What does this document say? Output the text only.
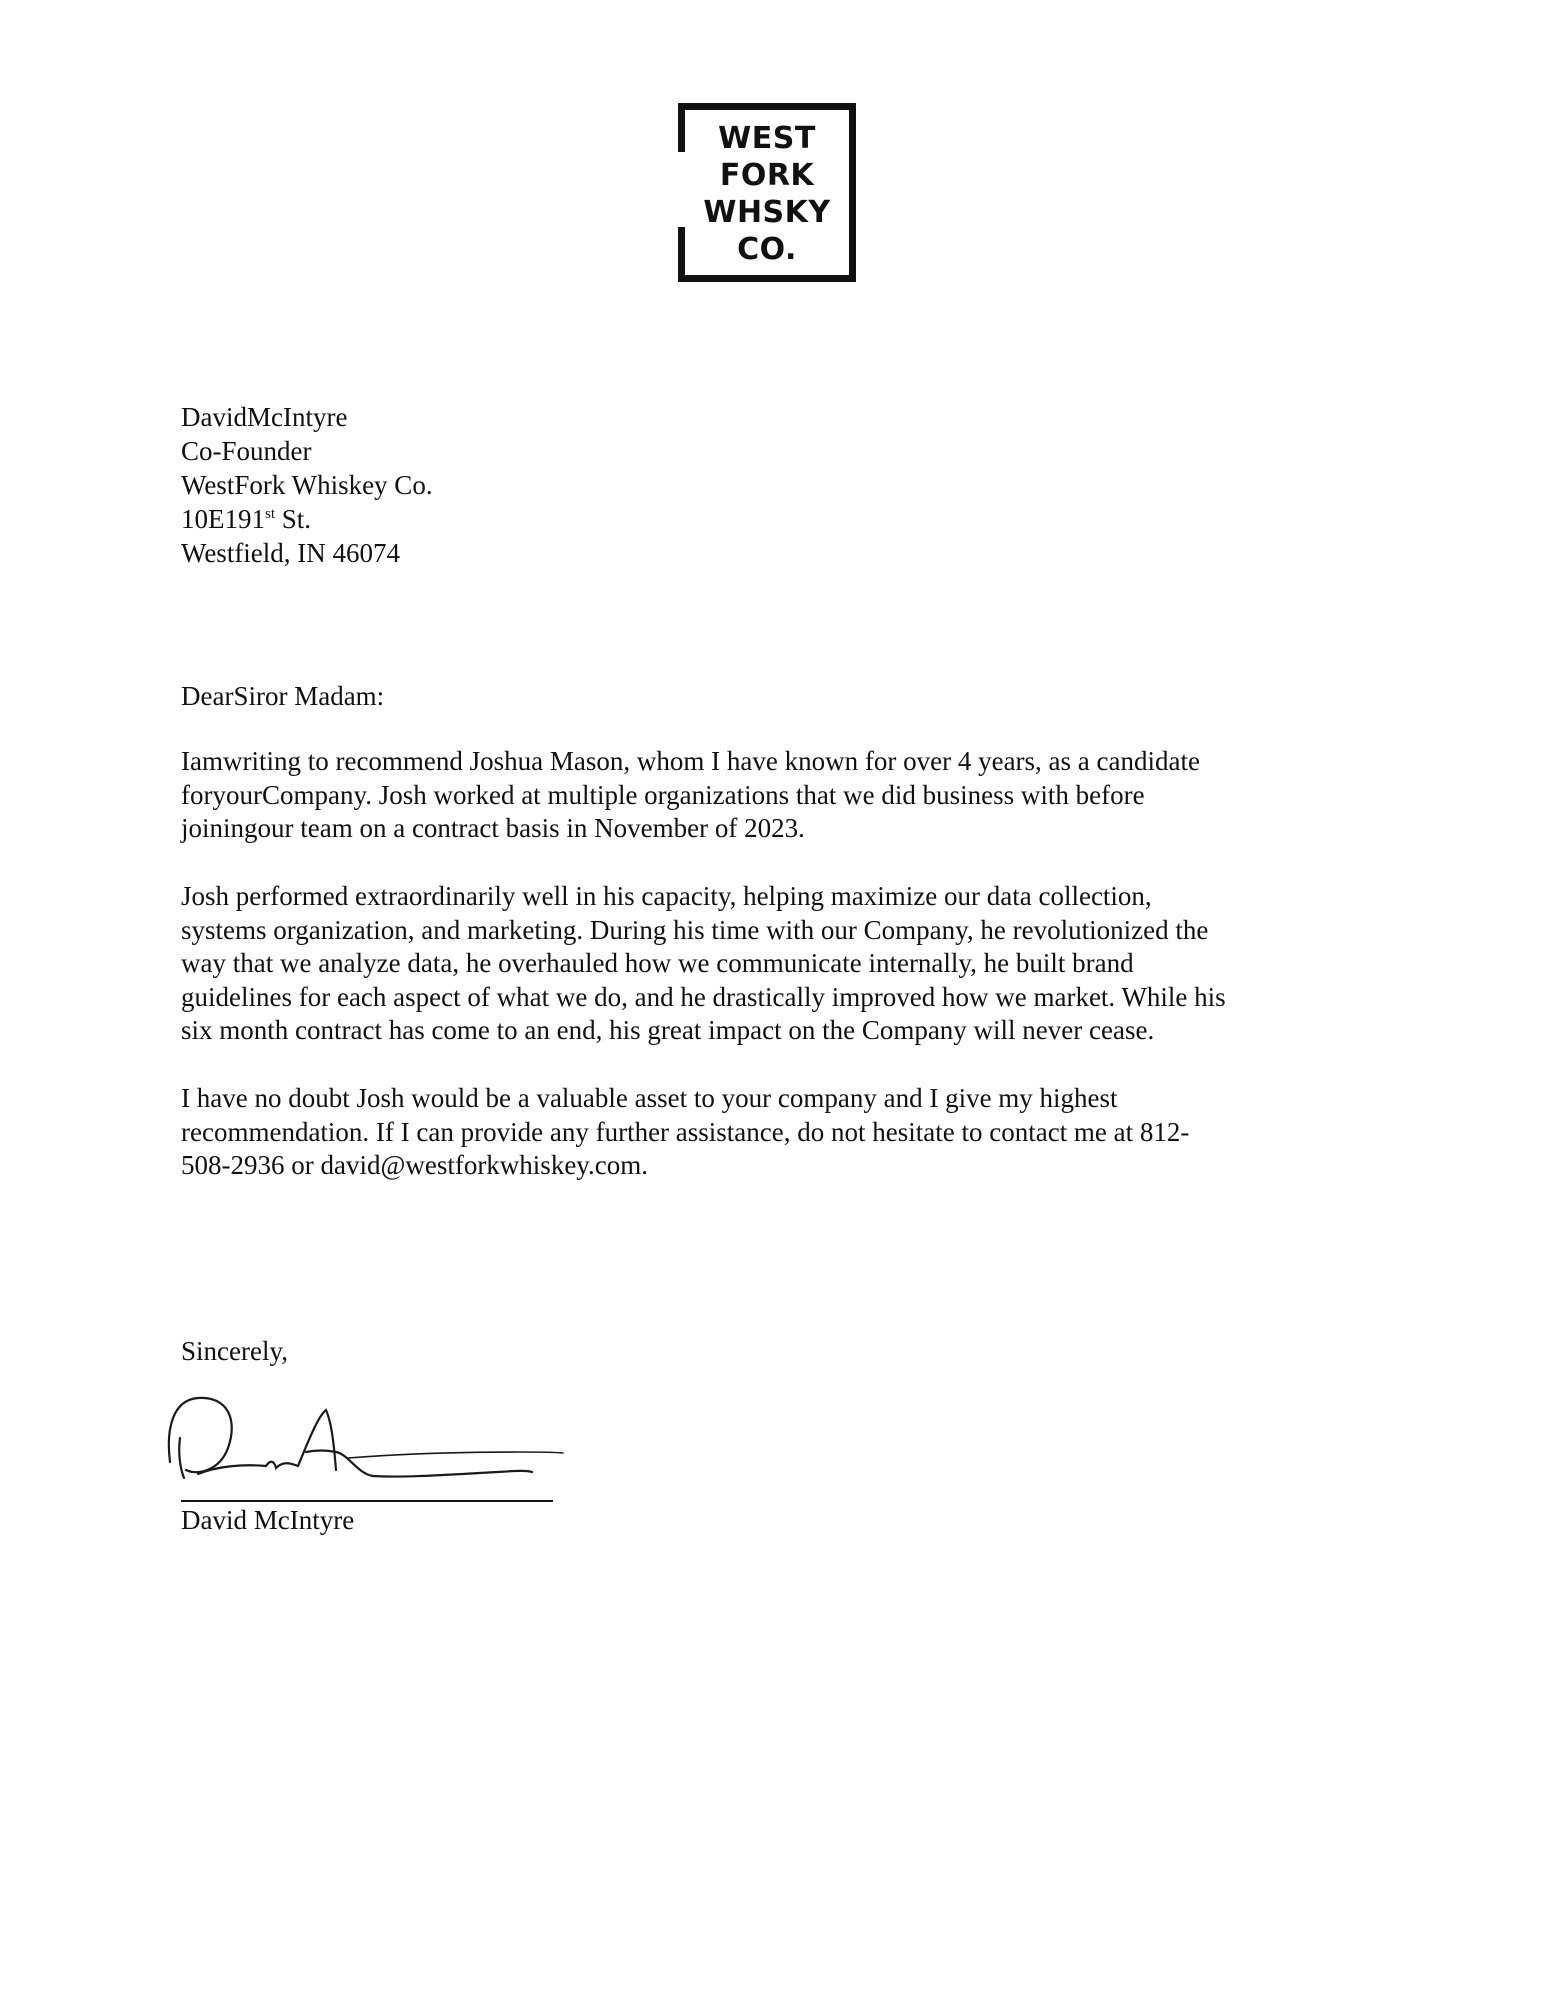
WEST
FORK
WHSKY
CO.
DavidMcIntyre
Co-Founder
WestFork Whiskey Co.
10E191st St.
Westfield, IN 46074
DearSiror Madam:
Iamwriting to recommend Joshua Mason, whom I have known for over 4 years, as a candidate
foryourCompany. Josh worked at multiple organizations that we did business with before
joiningour team on a contract basis in November of 2023.
Josh performed extraordinarily well in his capacity, helping maximize our data collection,
systems organization, and marketing. During his time with our Company, he revolutionized the
way that we analyze data, he overhauled how we communicate internally, he built brand
guidelines for each aspect of what we do, and he drastically improved how we market. While his
six month contract has come to an end, his great impact on the Company will never cease.
I have no doubt Josh would be a valuable asset to your company and I give my highest
recommendation. If I can provide any further assistance, do not hesitate to contact me at 812-
508-2936 or david@westforkwhiskey.com.
Sincerely,
David McIntyre
